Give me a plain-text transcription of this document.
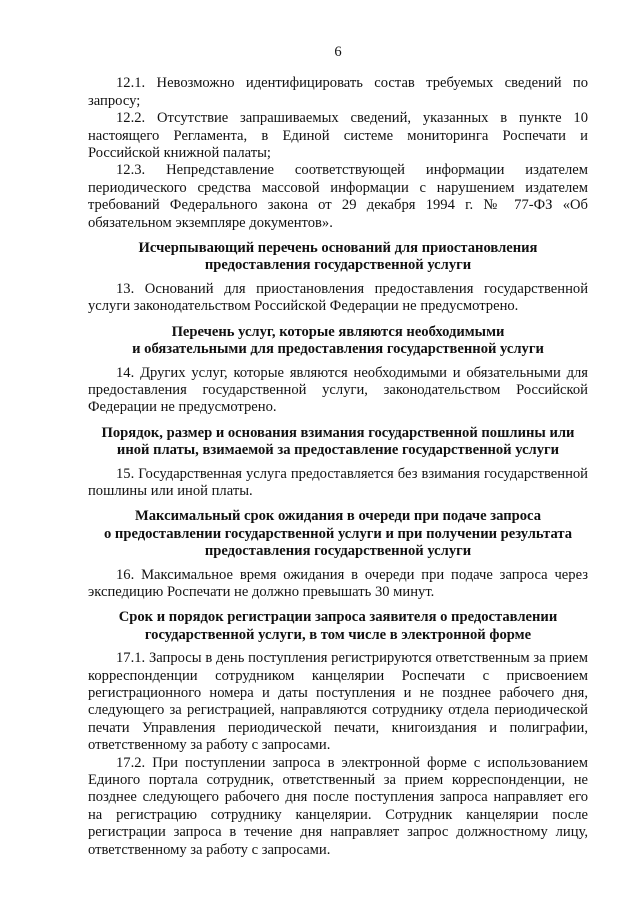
6

12.1. Невозможно идентифицировать состав требуемых сведений по запросу;

12.2. Отсутствие запрашиваемых сведений, указанных в пункте 10 настоящего Регламента, в Единой системе мониторинга Роспечати и Российской книжной палаты;

12.3. Непредставление соответствующей информации издателем периодического средства массовой информации с нарушением издателем требований Федерального закона от 29 декабря 1994 г. № 77-ФЗ «Об обязательном экземпляре документов».

Исчерпывающий перечень оснований для приостановления
предоставления государственной услуги

13. Оснований для приостановления предоставления государственной услуги законодательством Российской Федерации не предусмотрено.

Перечень услуг, которые являются необходимыми
и обязательными для предоставления государственной услуги

14. Других услуг, которые являются необходимыми и обязательными для предоставления государственной услуги, законодательством Российской Федерации не предусмотрено.

Порядок, размер и основания взимания государственной пошлины или
иной платы, взимаемой за предоставление государственной услуги

15. Государственная услуга предоставляется без взимания государственной пошлины или иной платы.

Максимальный срок ожидания в очереди при подаче запроса
о предоставлении государственной услуги и при получении результата
предоставления государственной услуги

16. Максимальное время ожидания в очереди при подаче запроса через экспедицию Роспечати не должно превышать 30 минут.

Срок и порядок регистрации запроса заявителя о предоставлении
государственной услуги, в том числе в электронной форме

17.1. Запросы в день поступления регистрируются ответственным за прием корреспонденции сотрудником канцелярии Роспечати с присвоением регистрационного номера и даты поступления и не позднее рабочего дня, следующего за регистрацией, направляются сотруднику отдела периодической печати Управления периодической печати, книгоиздания и полиграфии, ответственному за работу с запросами.

17.2. При поступлении запроса в электронной форме с использованием Единого портала сотрудник, ответственный за прием корреспонденции, не позднее следующего рабочего дня после поступления запроса направляет его на регистрацию сотруднику канцелярии. Сотрудник канцелярии после регистрации запроса в течение дня направляет запрос должностному лицу, ответственному за работу с запросами.
